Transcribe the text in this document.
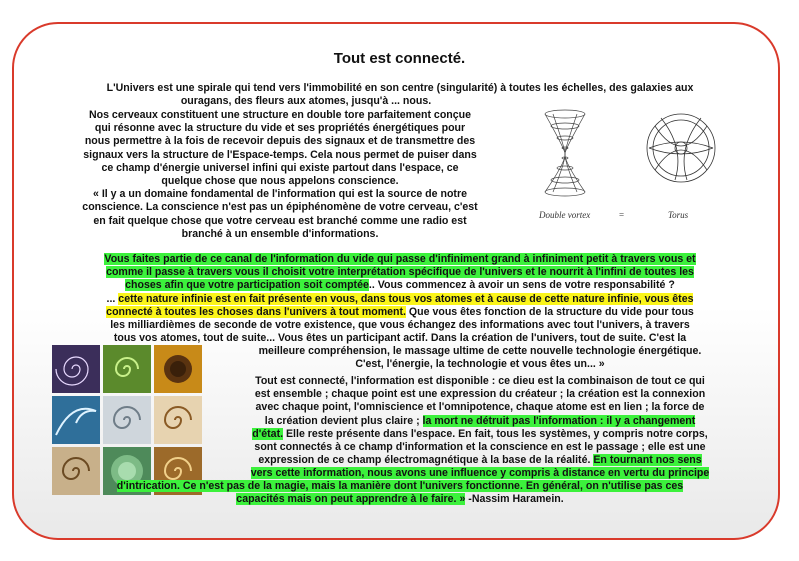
Tout est connecté.

L'Univers est une spirale qui tend vers l'immobilité en son centre (singularité) à toutes les échelles, des galaxies aux
ouragans, des fleurs aux atomes, jusqu'à ... nous.

Nos cerveaux constituent une structure en double tore parfaitement conçue
qui résonne avec la structure du vide et ses propriétés énergétiques pour
nous permettre à la fois de recevoir depuis des signaux et de transmettre des
signaux vers la structure de l'Espace-temps. Cela nous permet de puiser dans
ce champ d'énergie universel infini qui existe partout dans l'espace, ce
quelque chose que nous appelons conscience.
« Il y a un domaine fondamental de l'information qui est la source de notre
conscience. La conscience n'est pas un épiphénomène de votre cerveau, c'est
en fait quelque chose que votre cerveau est branché comme une radio est
branché à un ensemble d'informations.

Double vortex	=	Torus

Vous faites partie de ce canal de l'information du vide qui passe d'infiniment grand à infiniment petit à travers vous et
comme il passe à travers vous il choisit votre interprétation spécifique de l'univers et le nourrit à l'infini de toutes les
choses afin que votre participation soit comptée.. Vous commencez à avoir un sens de votre responsabilité ?
... cette nature infinie est en fait présente en vous, dans tous vos atomes et à cause de cette nature infinie, vous êtes
connecté à toutes les choses dans l'univers à tout moment. Que vous êtes fonction de la structure du vide pour tous
les milliardièmes de seconde de votre existence, que vous échangez des informations avec tout l'univers, à travers
tous vos atomes, tout de suite... Vous êtes un participant actif. Dans la création de l'univers, tout de suite. C'est la

meilleure compréhension, le massage ultime de cette nouvelle technologie énergétique.
C'est, l'énergie, la technologie et vous êtes un... »

Tout est connecté, l'information est disponible : ce dieu est la combinaison de tout ce qui
est ensemble ; chaque point est une expression du créateur ; la création est la connexion
avec chaque point, l'omniscience et l'omnipotence, chaque atome est en lien ; la force de
la création devient plus claire ; la mort ne détruit pas l'information : il y a changement
d'état. Elle reste présente dans l'espace. En fait, tous les systèmes, y compris notre corps,
sont connectés à ce champ d'information et la conscience en est le passage ; elle est une
expression de ce champ électromagnétique à la base de la réalité. En tournant nos sens
vers cette information, nous avons une influence y compris à distance en vertu du principe

d'intrication. Ce n'est pas de la magie, mais la manière dont l'univers fonctionne. En général, on n'utilise pas ces
capacités mais on peut apprendre à le faire. » -Nassim Haramein.
